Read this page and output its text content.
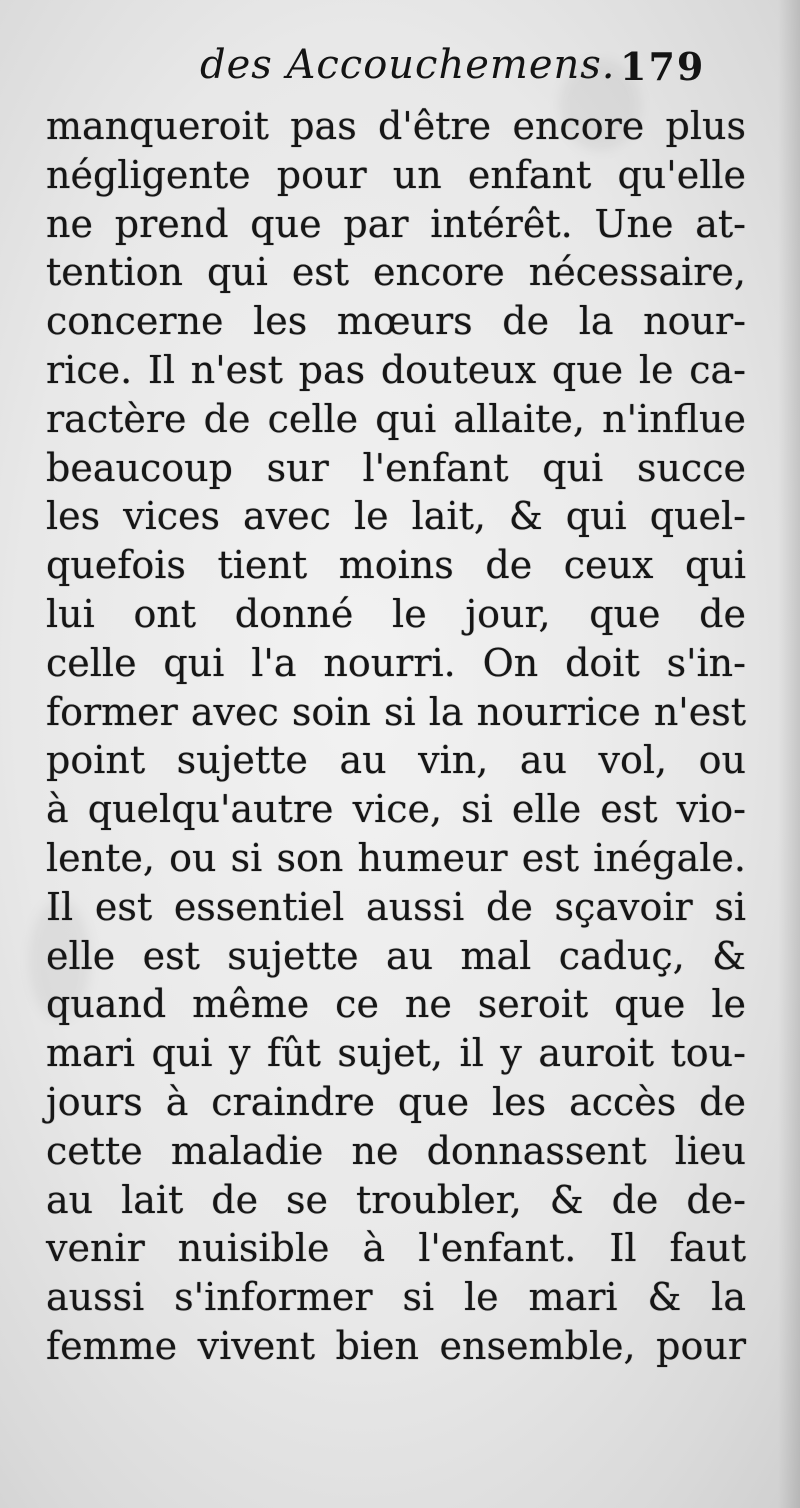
des Accouchemens. 179
manqueroit pas d'être encore plus
négligente pour un enfant qu'elle
ne prend que par intérêt. Une at-
tention qui est encore nécessaire,
concerne les mœurs de la nour-
rice. Il n'est pas douteux que le ca-
ractère de celle qui allaite, n'influe
beaucoup sur l'enfant qui succe
les vices avec le lait, & qui quel-
quefois tient moins de ceux qui
lui ont donné le jour, que de
celle qui l'a nourri. On doit s'in-
former avec soin si la nourrice n'est
point sujette au vin, au vol, ou
à quelqu'autre vice, si elle est vio-
lente, ou si son humeur est inégale.
Il est essentiel aussi de sçavoir si
elle est sujette au mal caduç, &
quand même ce ne seroit que le
mari qui y fût sujet, il y auroit tou-
jours à craindre que les accès de
cette maladie ne donnassent lieu
au lait de se troubler, & de de-
venir nuisible à l'enfant. Il faut
aussi s'informer si le mari & la
femme vivent bien ensemble, pour
